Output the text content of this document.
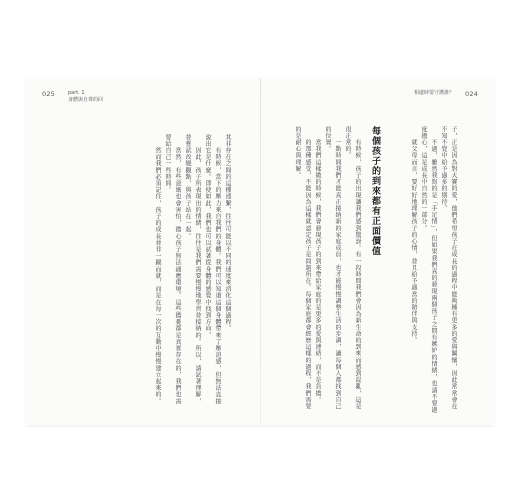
025	part. 1
身體與自尊的回
相處時要守護誰？ 024
子，正是因為對大寶的愛，他們希望孩子在成長的過程中能夠擁有更多的愛與關懷，因此常常會在不知不覺中給予過多的期待。
　　不過，雖然我寫的是「手足情」，但如果我們真的發現兩個孩子之間有嫉妒的情緒，也請不要過度擔心，這是成長中自然的一部分。
　　就父母而言，要好好地理解孩子的心情，並且給予適當的陪伴與支持。
每個孩子的到來都有正面價值
　　有時候，孩子的出現讓我們感到驚訝。有一段時間我們會因為新生命的到來而感到混亂，這是很正常的。
　　一點時間我們才能真正接納新的家庭成員，也才能慢慢調整生活的步調，讓每個人都找到自己的位置。
　　當我們這樣做的時候，我們會發現孩子的到來帶給家庭的是更多的愛與連結，而不是負擔。
　　的那種感受，不能因為這樣就認定孩子是問題所在。每個家庭都會經歷這樣的過程，我們需要的是耐心與理解。
其非存在之間的這種連繫，往往可能以不同的速度來消化這個過程。
　　有時候，當下的壓力來自我們的身體。我們可以知道這個身體帶來了壓迫感，但無法直接說出它是什麼。即使如此，我們也可以試著從身體的感覺中找到方向。
　　因此，孩子所表現出的情緒，往往是我們需要慢慢地學習並接納的。所以，請試著理解，並嘗試改變觀點，與孩子站在一起。
　　當然，有些爸媽也會害怕，擔心孩子無法適應環境。這些擔憂都是真實存在的，我們也需要給自己一些時間。
　　然而我們必須記住，孩子的成長並非一蹴而就，而是在每一次的互動中慢慢建立起來的。
